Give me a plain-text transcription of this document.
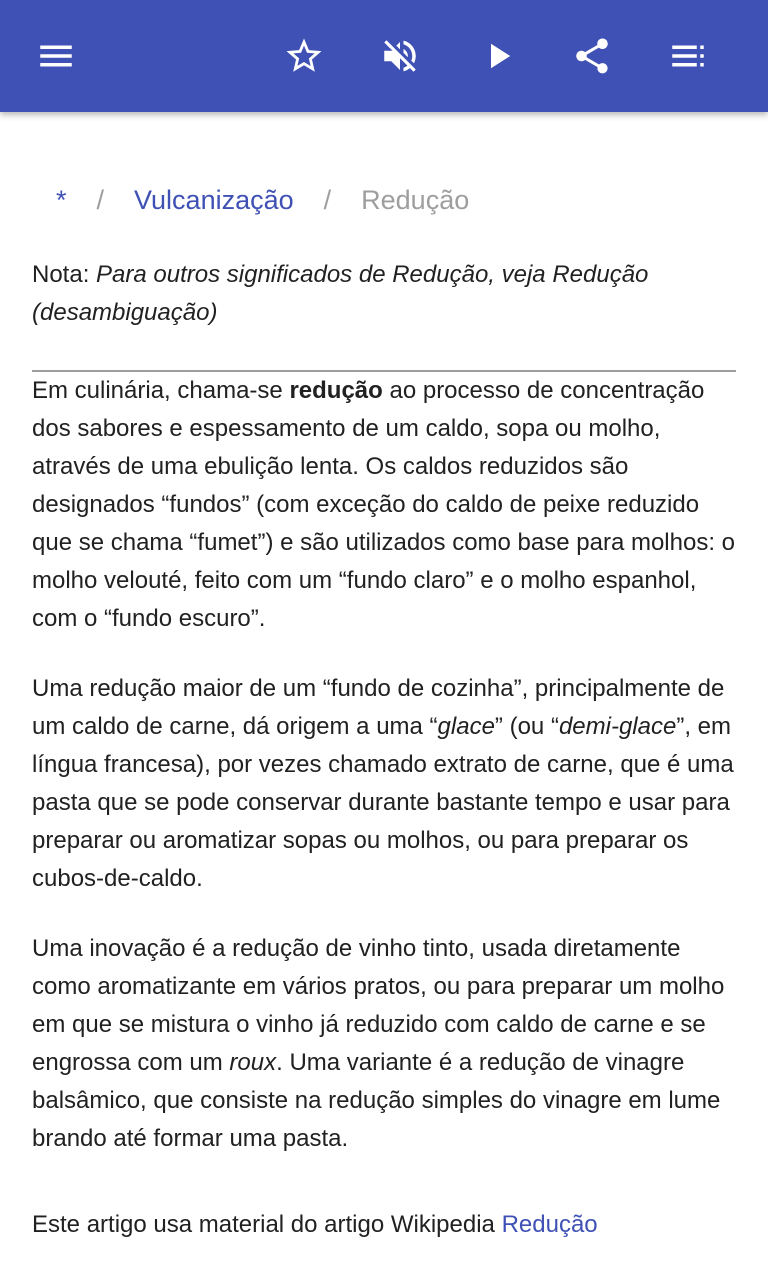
* / Vulcanização / Redução

Nota: Para outros significados de Redução, veja Redução (desambiguação)

Em culinária, chama-se redução ao processo de concentração dos sabores e espessamento de um caldo, sopa ou molho, através de uma ebulição lenta. Os caldos reduzidos são designados “fundos” (com exceção do caldo de peixe reduzido que se chama “fumet”) e são utilizados como base para molhos: o molho velouté, feito com um “fundo claro” e o molho espanhol, com o “fundo escuro”.

Uma redução maior de um “fundo de cozinha”, principalmente de um caldo de carne, dá origem a uma “glace” (ou “demi-glace”, em língua francesa), por vezes chamado extrato de carne, que é uma pasta que se pode conservar durante bastante tempo e usar para preparar ou aromatizar sopas ou molhos, ou para preparar os cubos-de-caldo.

Uma inovação é a redução de vinho tinto, usada diretamente como aromatizante em vários pratos, ou para preparar um molho em que se mistura o vinho já reduzido com caldo de carne e se engrossa com um roux. Uma variante é a redução de vinagre balsâmico, que consiste na redução simples do vinagre em lume brando até formar uma pasta.

Este artigo usa material do artigo Wikipedia Redução
